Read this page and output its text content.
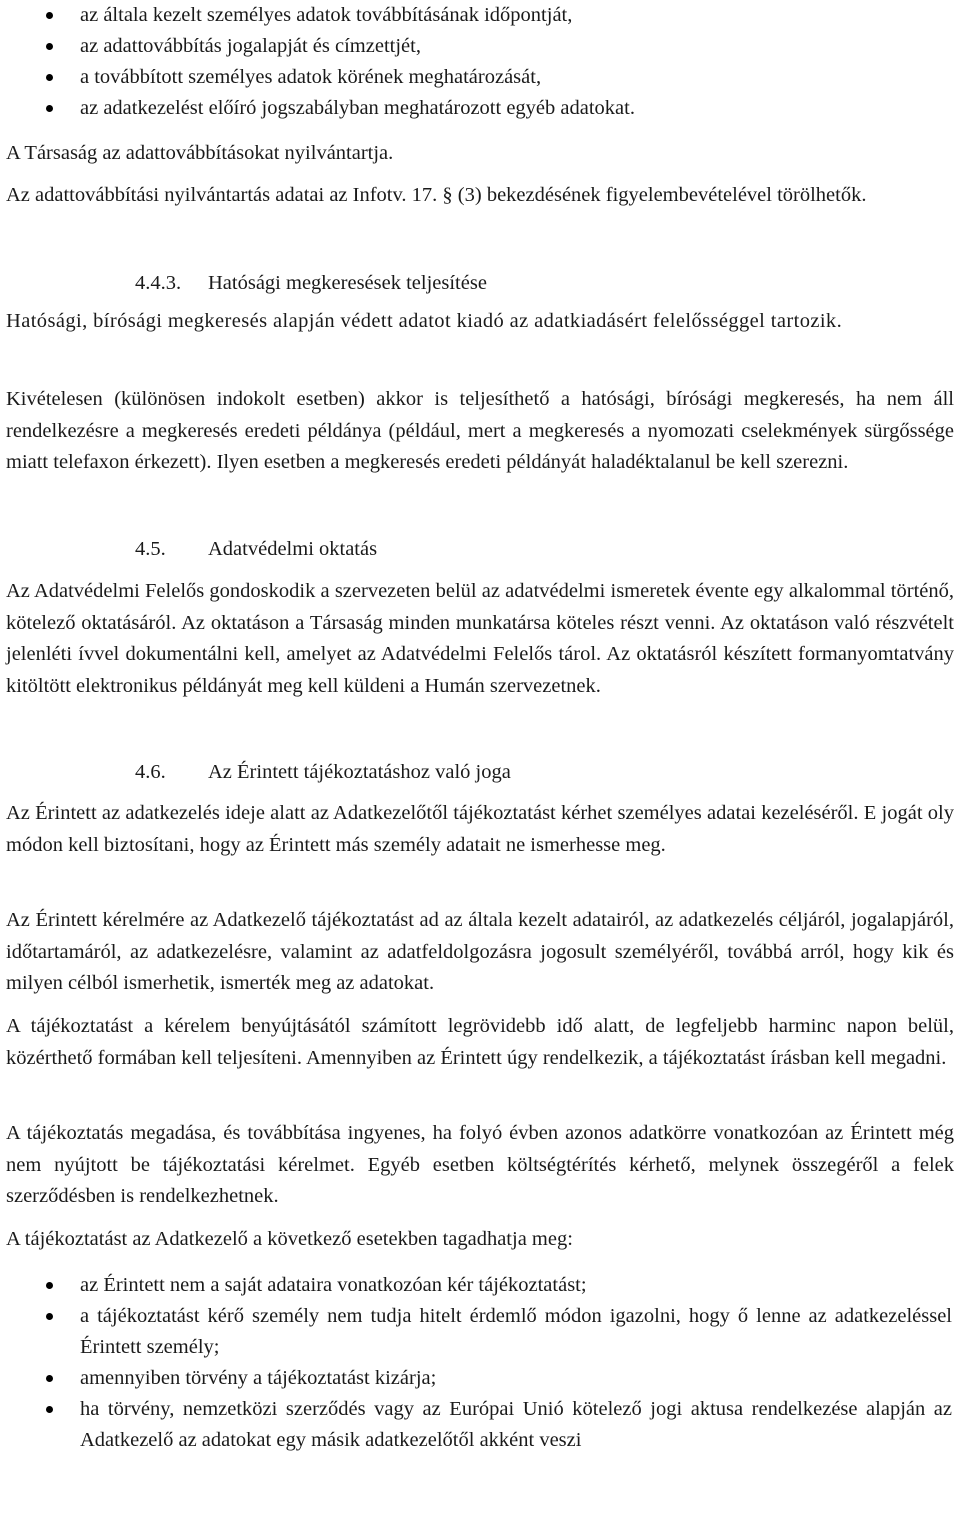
az általa kezelt személyes adatok továbbításának időpontját,
az adattovábbítás jogalapját és címzettjét,
a továbbított személyes adatok körének meghatározását,
az adatkezelést előíró jogszabályban meghatározott egyéb adatokat.

A Társaság az adattovábbításokat nyilvántartja.

Az adattovábbítási nyilvántartás adatai az Infotv. 17. § (3) bekezdésének figyelembevételével törölhetők.

4.4.3. Hatósági megkeresések teljesítése

Hatósági, bírósági megkeresés alapján védett adatot kiadó az adatkiadásért felelősséggel tartozik.

Kivételesen (különösen indokolt esetben) akkor is teljesíthető a hatósági, bírósági megkeresés, ha nem áll rendelkezésre a megkeresés eredeti példánya (például, mert a megkeresés a nyomozati cselekmények sürgőssége miatt telefaxon érkezett). Ilyen esetben a megkeresés eredeti példányát haladéktalanul be kell szerezni.

4.5. Adatvédelmi oktatás

Az Adatvédelmi Felelős gondoskodik a szervezeten belül az adatvédelmi ismeretek évente egy alkalommal történő, kötelező oktatásáról. Az oktatáson a Társaság minden munkatársa köteles részt venni. Az oktatáson való részvételt jelenléti ívvel dokumentálni kell, amelyet az Adatvédelmi Felelős tárol. Az oktatásról készített formanyomtatvány kitöltött elektronikus példányát meg kell küldeni a Humán szervezetnek.

4.6. Az Érintett tájékoztatáshoz való joga

Az Érintett az adatkezelés ideje alatt az Adatkezelőtől tájékoztatást kérhet személyes adatai kezeléséről. E jogát oly módon kell biztosítani, hogy az Érintett más személy adatait ne ismerhesse meg.

Az Érintett kérelmére az Adatkezelő tájékoztatást ad az általa kezelt adatairól, az adatkezelés céljáról, jogalapjáról, időtartamáról, az adatkezelésre, valamint az adatfeldolgozásra jogosult személyéről, továbbá arról, hogy kik és milyen célból ismerhetik, ismerték meg az adatokat.

A tájékoztatást a kérelem benyújtásától számított legrövidebb idő alatt, de legfeljebb harminc napon belül, közérthető formában kell teljesíteni. Amennyiben az Érintett úgy rendelkezik, a tájékoztatást írásban kell megadni.

A tájékoztatás megadása, és továbbítása ingyenes, ha folyó évben azonos adatkörre vonatkozóan az Érintett még nem nyújtott be tájékoztatási kérelmet. Egyéb esetben költségtérítés kérhető, melynek összegéről a felek szerződésben is rendelkezhetnek.

A tájékoztatást az Adatkezelő a következő esetekben tagadhatja meg:

az Érintett nem a saját adataira vonatkozóan kér tájékoztatást;
a tájékoztatást kérő személy nem tudja hitelt érdemlő módon igazolni, hogy ő lenne az adatkezeléssel Érintett személy;
amennyiben törvény a tájékoztatást kizárja;
ha törvény, nemzetközi szerződés vagy az Európai Unió kötelező jogi aktusa rendelkezése alapján az Adatkezelő az adatokat egy másik adatkezelőtől akként veszi
